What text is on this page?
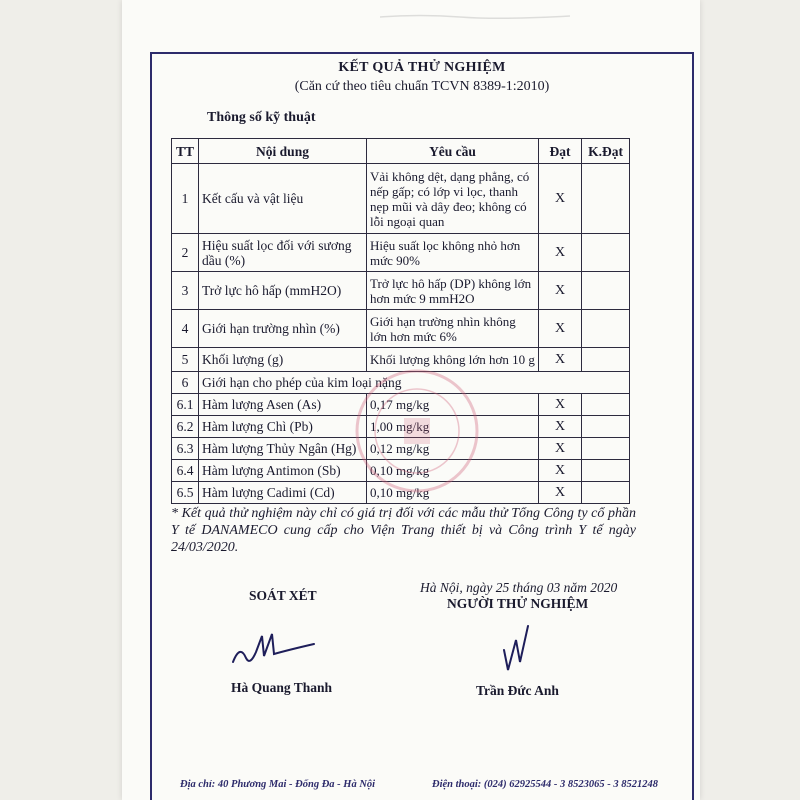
KẾT QUẢ THỬ NGHIỆM
(Căn cứ theo tiêu chuẩn TCVN 8389-1:2010)
Thông số kỹ thuật
TT	Nội dung	Yêu cầu	Đạt	K.Đạt
1	Kết cấu và vật liệu	Vải không dệt, dạng phẳng, có nếp gấp; có lớp vi lọc, thanh nẹp mũi và dây đeo; không có lỗi ngoại quan	X	
2	Hiệu suất lọc đối với sương dầu (%)	Hiệu suất lọc không nhỏ hơn mức 90%	X	
3	Trở lực hô hấp (mmH2O)	Trở lực hô hấp (DP) không lớn hơn mức 9 mmH2O	X	
4	Giới hạn trường nhìn (%)	Giới hạn trường nhìn không lớn hơn mức 6%	X	
5	Khối lượng (g)	Khối lượng không lớn hơn 10 g	X	
6	Giới hạn cho phép của kim loại nặng			
6.1	Hàm lượng Asen (As)	0,17 mg/kg	X	
6.2	Hàm lượng Chì (Pb)	1,00 mg/kg	X	
6.3	Hàm lượng Thủy Ngân (Hg)	0,12 mg/kg	X	
6.4	Hàm lượng Antimon (Sb)	0,10 mg/kg	X	
6.5	Hàm lượng Cadimi (Cd)	0,10 mg/kg	X	
* Kết quả thử nghiệm này chỉ có giá trị đối với các mẫu thử Tổng Công ty cổ phần Y tế DANAMECO cung cấp cho Viện Trang thiết bị và Công trình Y tế ngày 24/03/2020.
Hà Nội, ngày 25 tháng 03 năm 2020
SOÁT XÉT
NGƯỜI THỬ NGHIỆM
Hà Quang Thanh	Trần Đức Anh
Địa chỉ: 40 Phương Mai - Đống Đa - Hà Nội	Điện thoại: (024) 62925544 - 3 8523065 - 3 8521248
